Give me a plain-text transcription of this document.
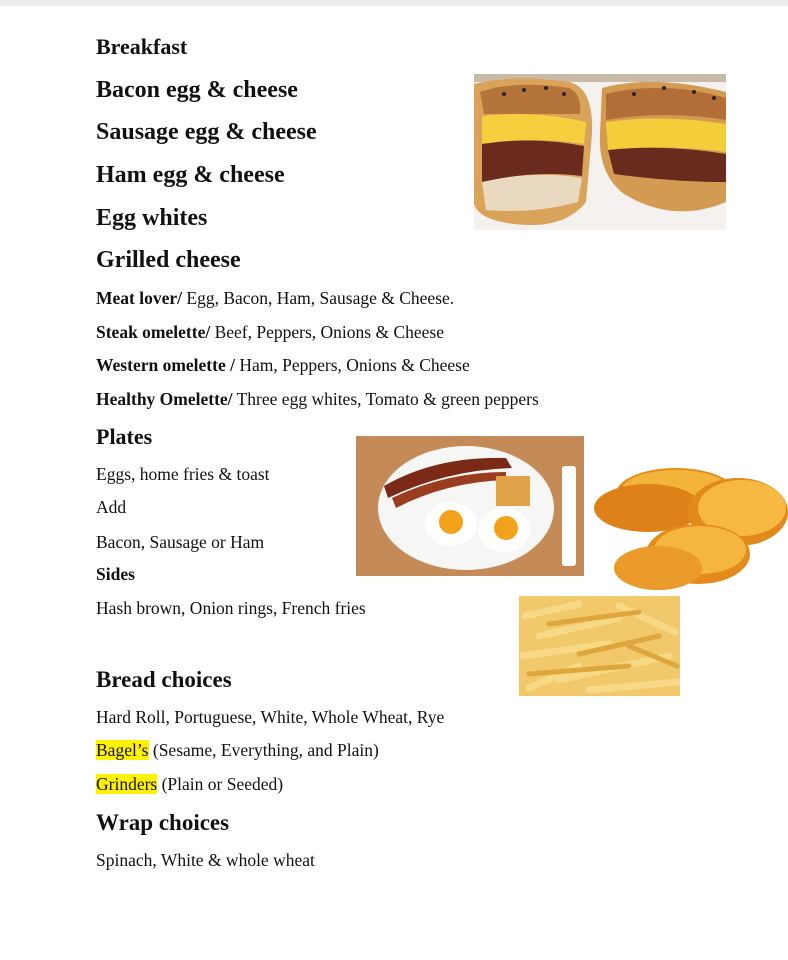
Breakfast
Bacon egg & cheese
Sausage egg & cheese
Ham egg & cheese
Egg whites
Grilled cheese
Meat lover/ Egg, Bacon, Ham, Sausage & Cheese.
Steak omelette/ Beef, Peppers, Onions & Cheese
Western omelette / Ham, Peppers, Onions & Cheese
Healthy Omelette/ Three egg whites, Tomato & green peppers
Plates
Eggs, home fries & toast
Add
Bacon, Sausage or Ham
Sides
Hash brown, Onion rings, French fries
Bread choices
Hard Roll, Portuguese, White, Whole Wheat, Rye
Bagel’s (Sesame, Everything, and Plain)
Grinders (Plain or Seeded)
Wrap choices
Spinach, White & whole wheat
